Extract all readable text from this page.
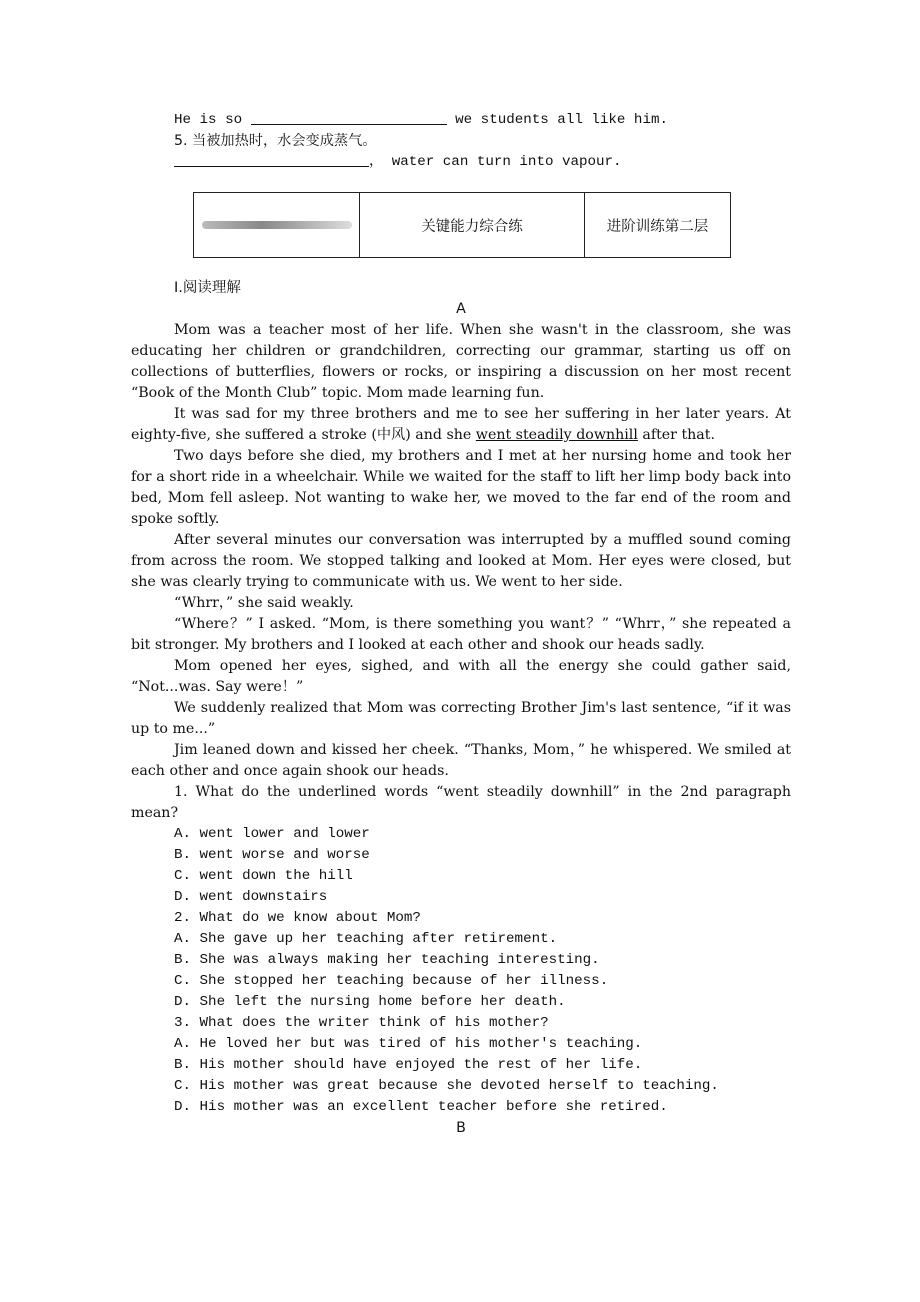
He is so	we students all like him.
5. 当被加热时，水会变成蒸气。
， water can turn into vapour.
	关键能力综合练	进阶训练第二层
Ⅰ.阅读理解
A

Mom was a teacher most of her life. When she wasn't in the classroom, she was educating her children or grandchildren, correcting our grammar, starting us off on collections of butterflies, flowers or rocks, or inspiring a discussion on her most recent “Book of the Month Club” topic. Mom made learning fun.

It was sad for my three brothers and me to see her suffering in her later years. At eighty-five, she suffered a stroke (中风) and she went steadily downhill after that.

Two days before she died, my brothers and I met at her nursing home and took her for a short ride in a wheelchair. While we waited for the staff to lift her limp body back into bed, Mom fell asleep. Not wanting to wake her, we moved to the far end of the room and spoke softly.

After several minutes our conversation was interrupted by a muffled sound coming from across the room. We stopped talking and looked at Mom. Her eyes were closed, but she was clearly trying to communicate with us. We went to her side.

“Whrr，” she said weakly.

“Where？” I asked. “Mom, is there something you want？” “Whrr，” she repeated a bit stronger. My brothers and I looked at each other and shook our heads sadly.

Mom opened her eyes, sighed, and with all the energy she could gather said, “Not...was. Say were！”

We suddenly realized that Mom was correcting Brother Jim's last sentence, “if it was up to me...”

Jim leaned down and kissed her cheek. “Thanks, Mom，” he whispered. We smiled at each other and once again shook our heads.

1. What do the underlined words “went steadily downhill” in the 2nd paragraph mean?

A. went lower and lower
B. went worse and worse
C. went down the hill
D. went downstairs
2. What do we know about Mom?
A. She gave up her teaching after retirement.
B. She was always making her teaching interesting.
C. She stopped her teaching because of her illness.
D. She left the nursing home before her death.
3. What does the writer think of his mother?
A. He loved her but was tired of his mother's teaching.
B. His mother should have enjoyed the rest of her life.
C. His mother was great because she devoted herself to teaching.
D. His mother was an excellent teacher before she retired.
B
